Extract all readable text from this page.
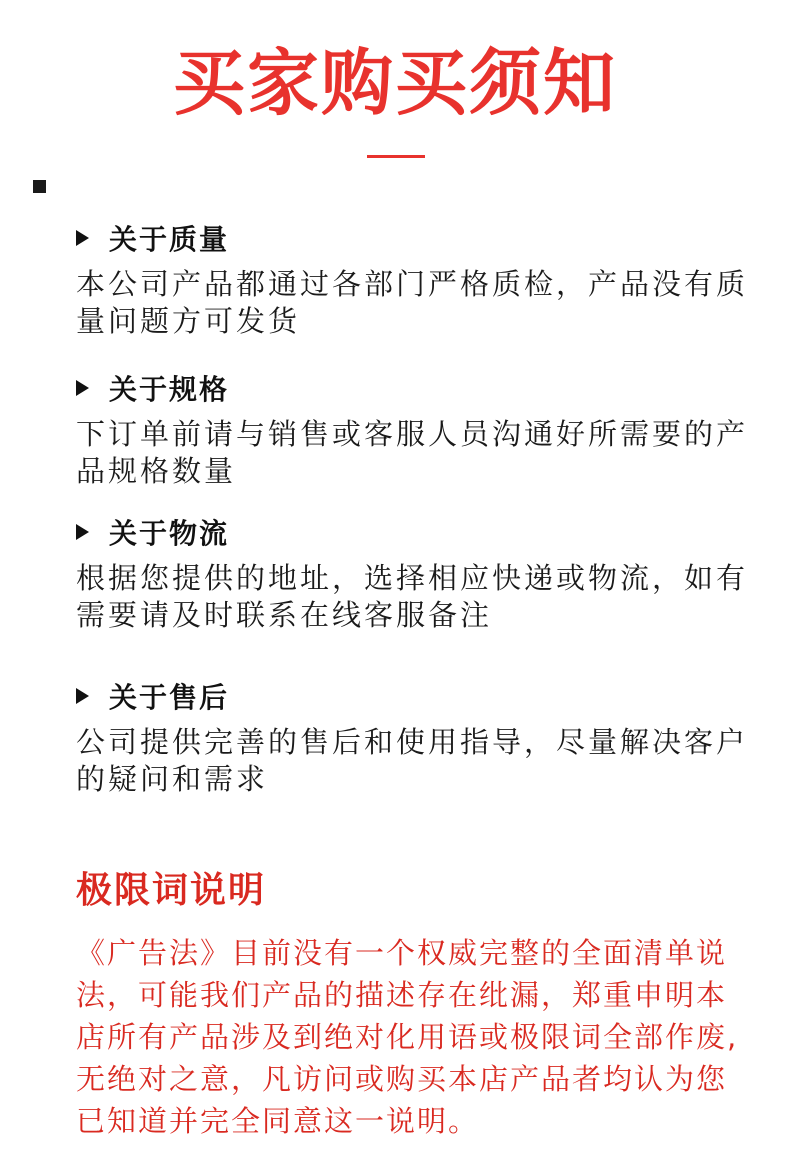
买家购买须知
关于质量
本公司产品都通过各部门严格质检，产品没有质量问题方可发货
关于规格
下订单前请与销售或客服人员沟通好所需要的产品规格数量
关于物流
根据您提供的地址，选择相应快递或物流，如有需要请及时联系在线客服备注
关于售后
公司提供完善的售后和使用指导，尽量解决客户的疑问和需求
极限词说明
《广告法》目前没有一个权威完整的全面清单说法，可能我们产品的描述存在纰漏，郑重申明本店所有产品涉及到绝对化用语或极限词全部作废,无绝对之意，凡访问或购买本店产品者均认为您已知道并完全同意这一说明。
